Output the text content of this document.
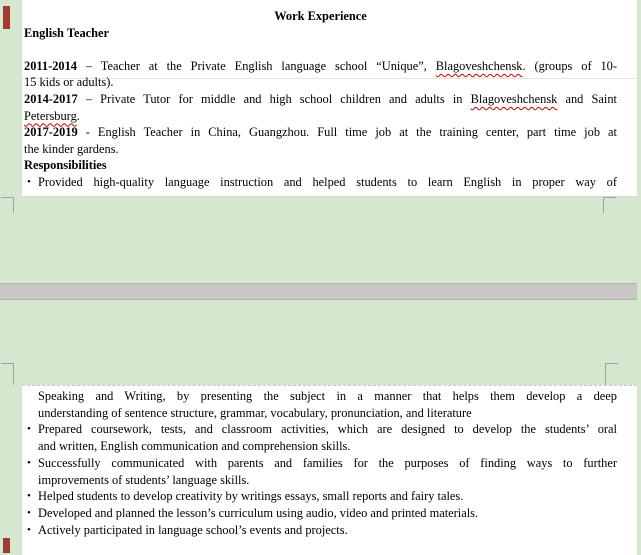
Work Experience
English Teacher

2011-2014 – Teacher at the Private English language school “Unique”, Blagoveshchensk. (groups of 10-
15 kids or adults).
2014-2017 – Private Tutor for middle and high school children and adults in Blagoveshchensk and Saint
Petersburg.
2017-2019 - English Teacher in China, Guangzhou. Full time job at the training center, part time job at
the kinder gardens.
Responsibilities
• Provided high-quality language instruction and helped students to learn English in proper way of
Speaking and Writing, by presenting the subject in a manner that helps them develop a deep
understanding of sentence structure, grammar, vocabulary, pronunciation, and literature
• Prepared coursework, tests, and classroom activities, which are designed to develop the students’ oral
and written, English communication and comprehension skills.
• Successfully communicated with parents and families for the purposes of finding ways to further
improvements of students’ language skills.
• Helped students to develop creativity by writings essays, small reports and fairy tales.
• Developed and planned the lesson’s curriculum using audio, video and printed materials.
• Actively participated in language school’s events and projects.
